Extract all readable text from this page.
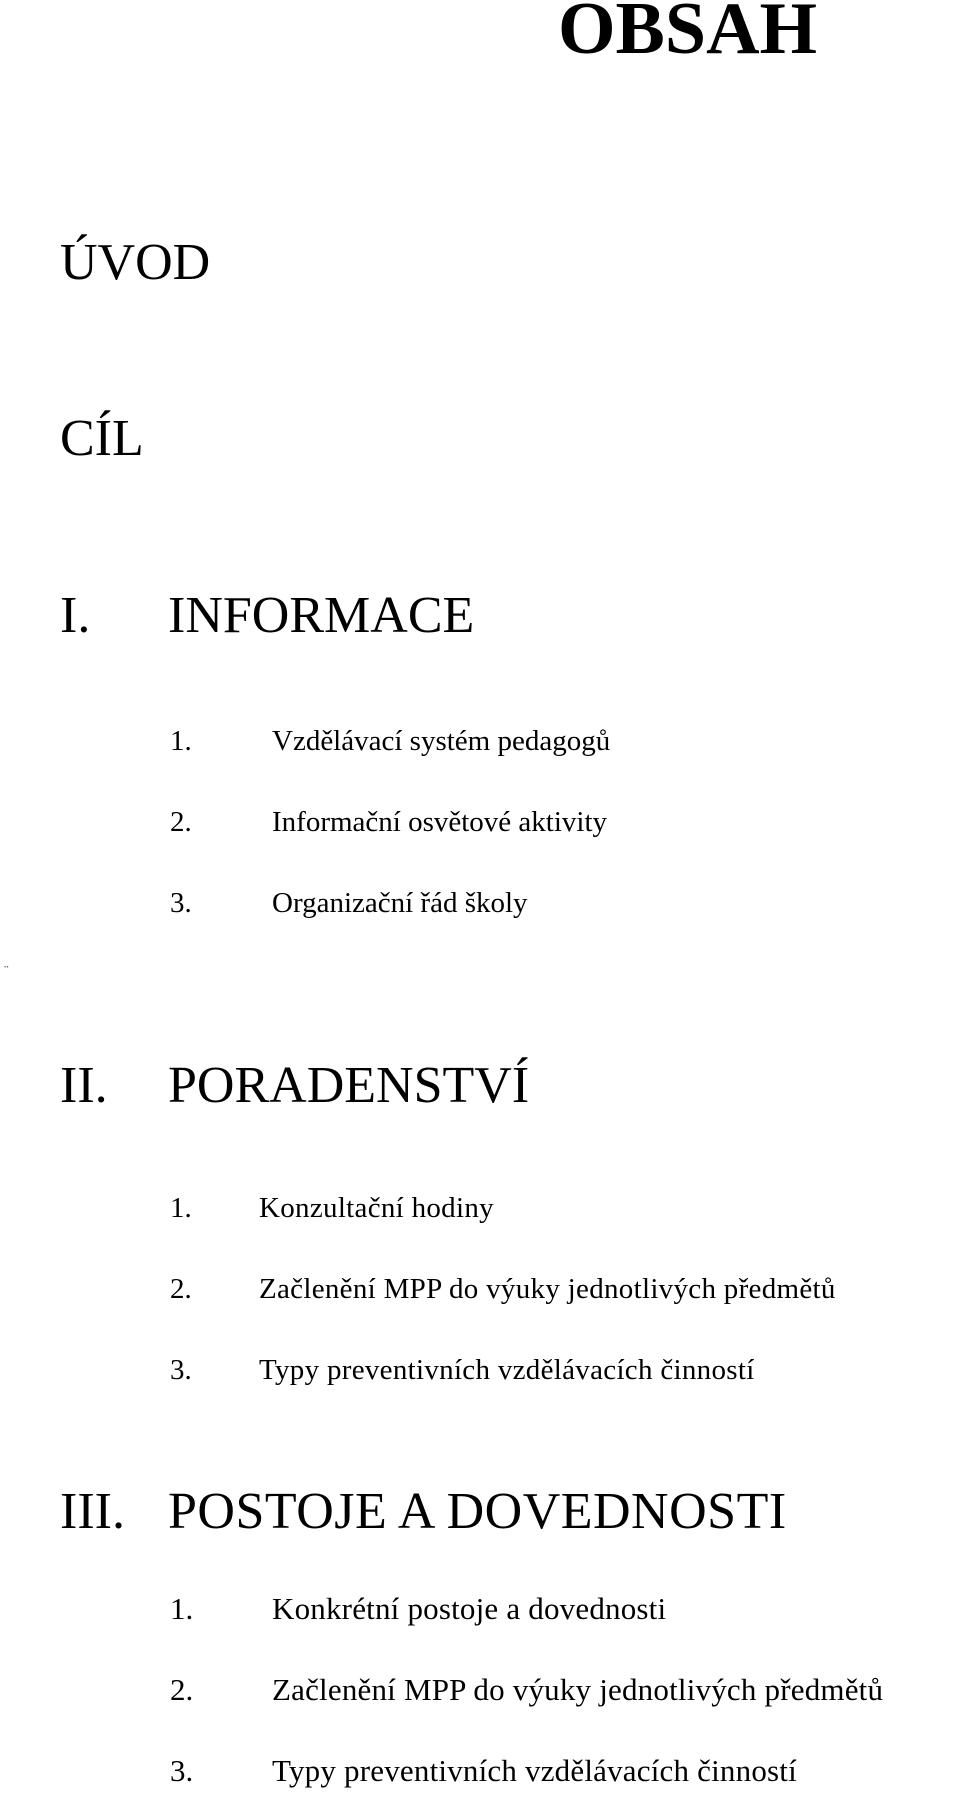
OBSAH
ÚVOD
CÍL
I. INFORMACE
1.	Vzdělávací systém pedagogů
2.	Informační osvětové aktivity
3.	Organizační řád školy
¨
II. PORADENSTVÍ
1. Konzultační hodiny
2. Začlenění MPP do výuky jednotlivých předmětů
3. Typy preventivních vzdělávacích činností
III. POSTOJE A DOVEDNOSTI
1.	Konkrétní postoje a dovednosti
2.	Začlenění MPP do výuky jednotlivých předmětů
3.	Typy preventivních vzdělávacích činností
